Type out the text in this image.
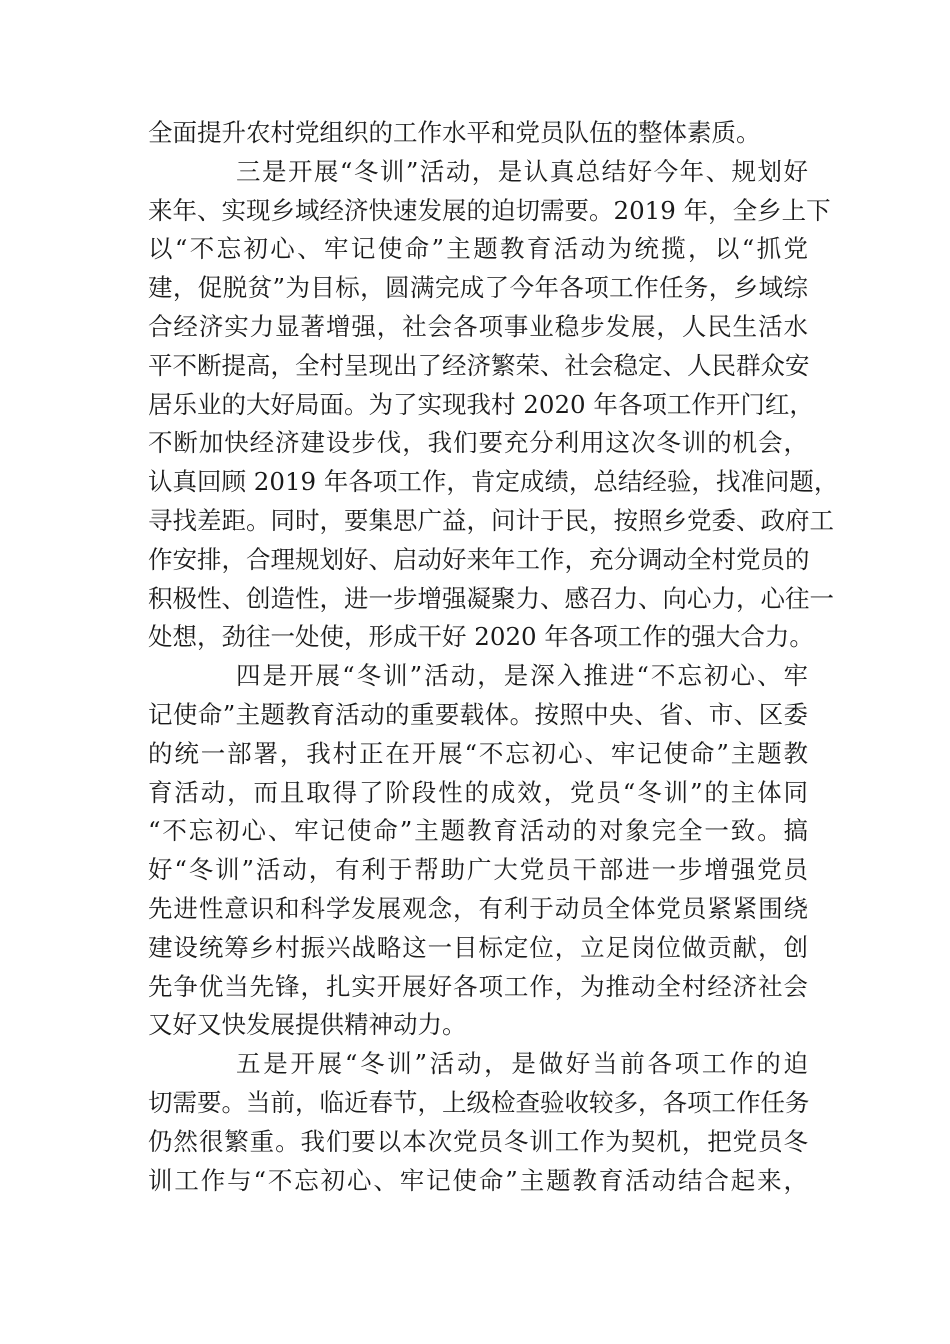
全面提升农村党组织的工作水平和党员队伍的整体素质。
三是开展“冬训”活动，是认真总结好今年、规划好
来年、实现乡域经济快速发展的迫切需要。2019 年，全乡上下
以“不忘初心、牢记使命”主题教育活动为统揽，以“抓党
建，促脱贫”为目标，圆满完成了今年各项工作任务，乡域综
合经济实力显著增强，社会各项事业稳步发展，人民生活水
平不断提高，全村呈现出了经济繁荣、社会稳定、人民群众安
居乐业的大好局面。为了实现我村 2020 年各项工作开门红，
不断加快经济建设步伐，我们要充分利用这次冬训的机会，
认真回顾 2019 年各项工作，肯定成绩，总结经验，找准问题，
寻找差距。同时，要集思广益，问计于民，按照乡党委、政府工
作安排，合理规划好、启动好来年工作，充分调动全村党员的
积极性、创造性，进一步增强凝聚力、感召力、向心力，心往一
处想，劲往一处使，形成干好 2020 年各项工作的强大合力。
四是开展“冬训”活动，是深入推进“不忘初心、牢
记使命”主题教育活动的重要载体。按照中央、省、市、区委
的统一部署，我村正在开展“不忘初心、牢记使命”主题教
育活动，而且取得了阶段性的成效，党员“冬训”的主体同
“不忘初心、牢记使命”主题教育活动的对象完全一致。搞
好“冬训”活动，有利于帮助广大党员干部进一步增强党员
先进性意识和科学发展观念，有利于动员全体党员紧紧围绕
建设统筹乡村振兴战略这一目标定位，立足岗位做贡献，创
先争优当先锋，扎实开展好各项工作，为推动全村经济社会
又好又快发展提供精神动力。
五是开展“冬训”活动，是做好当前各项工作的迫
切需要。当前，临近春节，上级检查验收较多，各项工作任务
仍然很繁重。我们要以本次党员冬训工作为契机，把党员冬
训工作与“不忘初心、牢记使命”主题教育活动结合起来，
